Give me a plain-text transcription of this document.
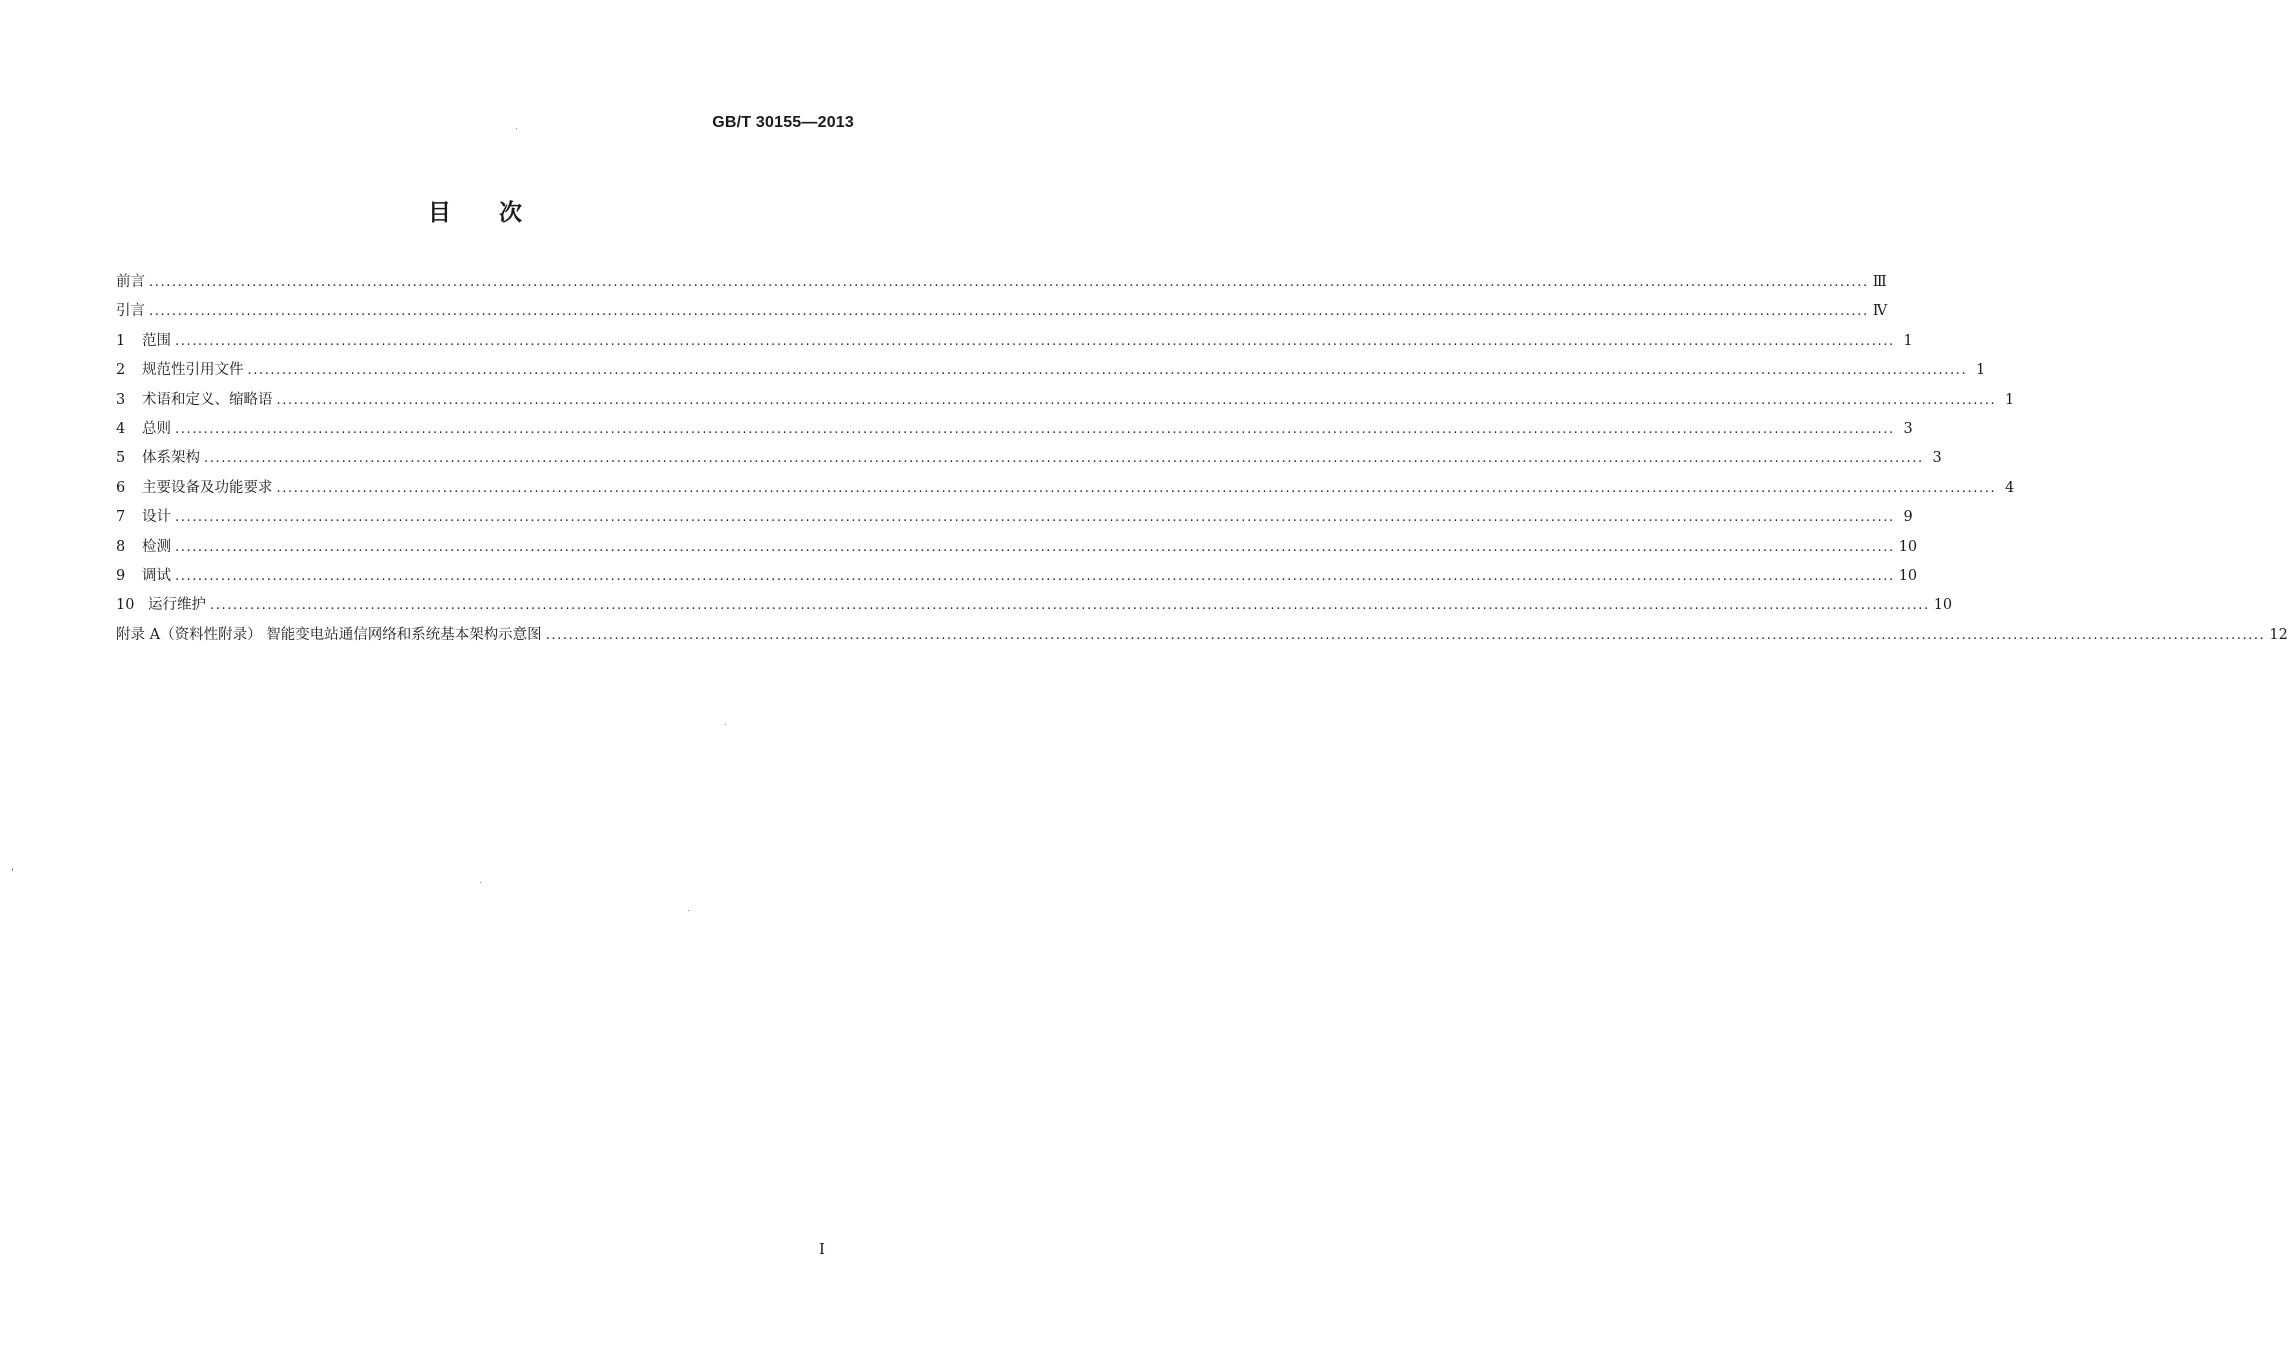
GB/T 30155—2013
目 次
前言 ............................................................................................................................................................................................................................................................................................................ Ⅲ
引言 ............................................................................................................................................................................................................................................................................................................ Ⅳ
1	范围 ............................................................................................................................................................................................................................................................................................................ 1
2	规范性引用文件 ............................................................................................................................................................................................................................................................................................................ 1
3	术语和定义、缩略语 ............................................................................................................................................................................................................................................................................................................ 1
4	总则 ............................................................................................................................................................................................................................................................................................................ 3
5	体系架构 ............................................................................................................................................................................................................................................................................................................ 3
6	主要设备及功能要求 ............................................................................................................................................................................................................................................................................................................ 4
7	设计 ............................................................................................................................................................................................................................................................................................................ 9
8	检测 ............................................................................................................................................................................................................................................................................................................ 10
9	调试 ............................................................................................................................................................................................................................................................................................................ 10
10 运行维护 ............................................................................................................................................................................................................................................................................................................ 10
附录 A（资料性附录） 智能变电站通信网络和系统基本架构示意图 ............................................................................................................................................................................................................................................................................................................ 12
I
